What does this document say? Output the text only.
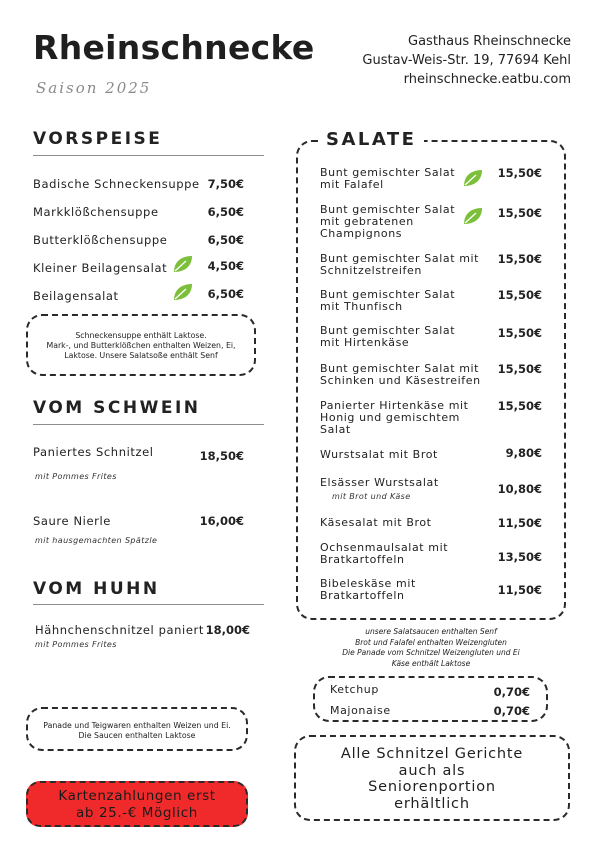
Rheinschnecke
Saison 2025
Gasthaus Rheinschnecke
Gustav-Weis-Str. 19, 77694 Kehl
rheinschnecke.eatbu.com
VORSPEISE
Badische Schneckensuppe 7,50€
Markklößchensuppe	6,50€
Butterklößchensuppe	6,50€
Kleiner Beilagensalat	4,50€
Beilagensalat	6,50€
Schneckensuppe enthält Laktose.
Mark-, und Butterklößchen enthalten Weizen, Ei,
Laktose. Unsere Salatsoße enthält Senf
VOM SCHWEIN
Paniertes Schnitzel	18,50€
mit Pommes Frites
Saure Nierle	16,00€
mit hausgemachten Spätzle
VOM HUHN
Hähnchenschnitzel paniert 18,00€
mit Pommes Frites
Panade und Teigwaren enthalten Weizen und Ei.
Die Saucen enthalten Laktose
Kartenzahlungen erst
ab 25.-€ Möglich
SALATE
Bunt gemischter Salat
mit Falafel
15,50€
Bunt gemischter Salat
mit gebratenen
Champignons
15,50€
Bunt gemischter Salat mit
Schnitzelstreifen
15,50€
Bunt gemischter Salat
mit Thunfisch
15,50€
Bunt gemischter Salat
mit Hirtenkäse
15,50€
Bunt gemischter Salat mit
Schinken und Käsestreifen
15,50€
Panierter Hirtenkäse mit
Honig und gemischtem
Salat
15,50€
Wurstsalat mit Brot	9,80€
Elsässer Wurstsalat
mit Brot und Käse
10,80€
Käsesalat mit Brot	11,50€
Ochsenmaulsalat mit
Bratkartoffeln	13,50€
Bibeleskäse mit
Bratkartoffeln	11,50€
unsere Salatsaucen enthalten Senf
Brot und Falafel enthalten Weizengluten
Die Panade vom Schnitzel Weizengluten und Ei
Käse enthält Laktose
Ketchup	0,70€
Majonaise	0,70€
Alle Schnitzel Gerichte
auch als
Seniorenportion
erhältlich
